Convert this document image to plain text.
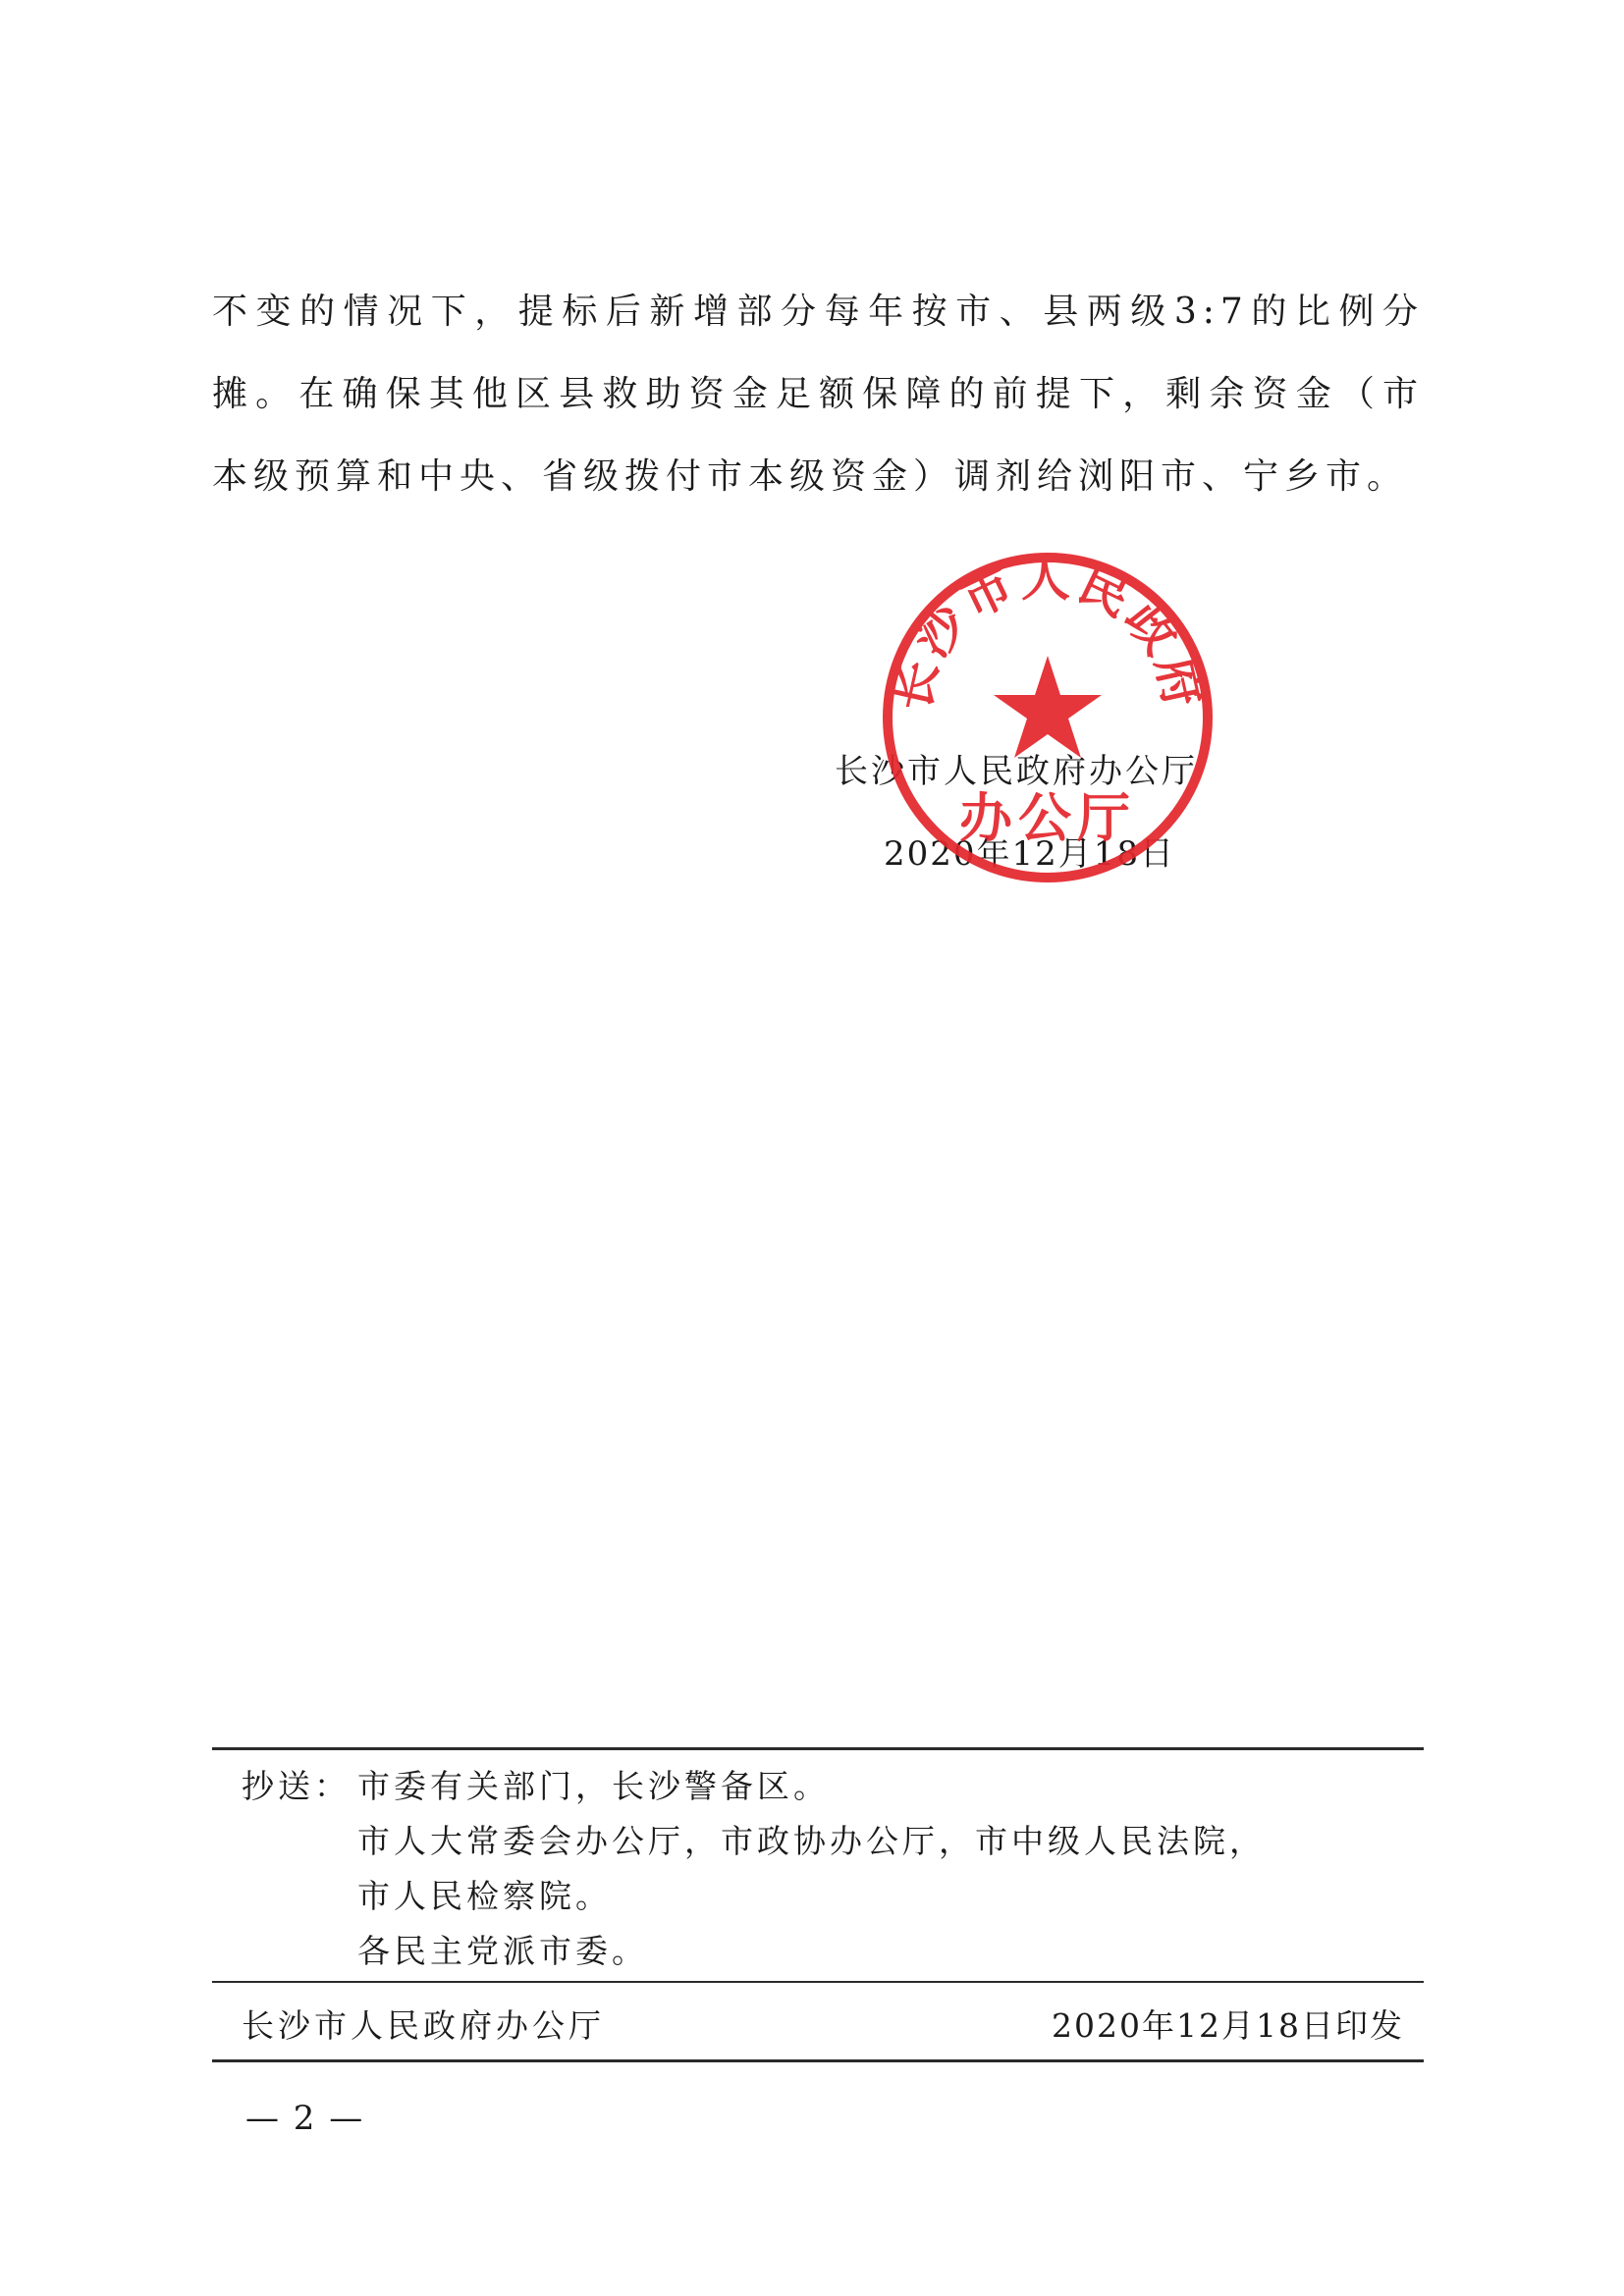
不变的情况下，提标后新增部分每年按市、县两级3:7的比例分
摊。在确保其他区县救助资金足额保障的前提下，剩余资金（市
本级预算和中央、省级拨付市本级资金）调剂给浏阳市、宁乡市。
长沙市人民政府办公厅
2020年12月18日
长沙市人民政府
办公厅
抄送： 市委有关部门，长沙警备区。
市人大常委会办公厅，市政协办公厅，市中级人民法院，
市人民检察院。
各民主党派市委。
长沙市人民政府办公厅	2020年12月18日印发
— 2 —
